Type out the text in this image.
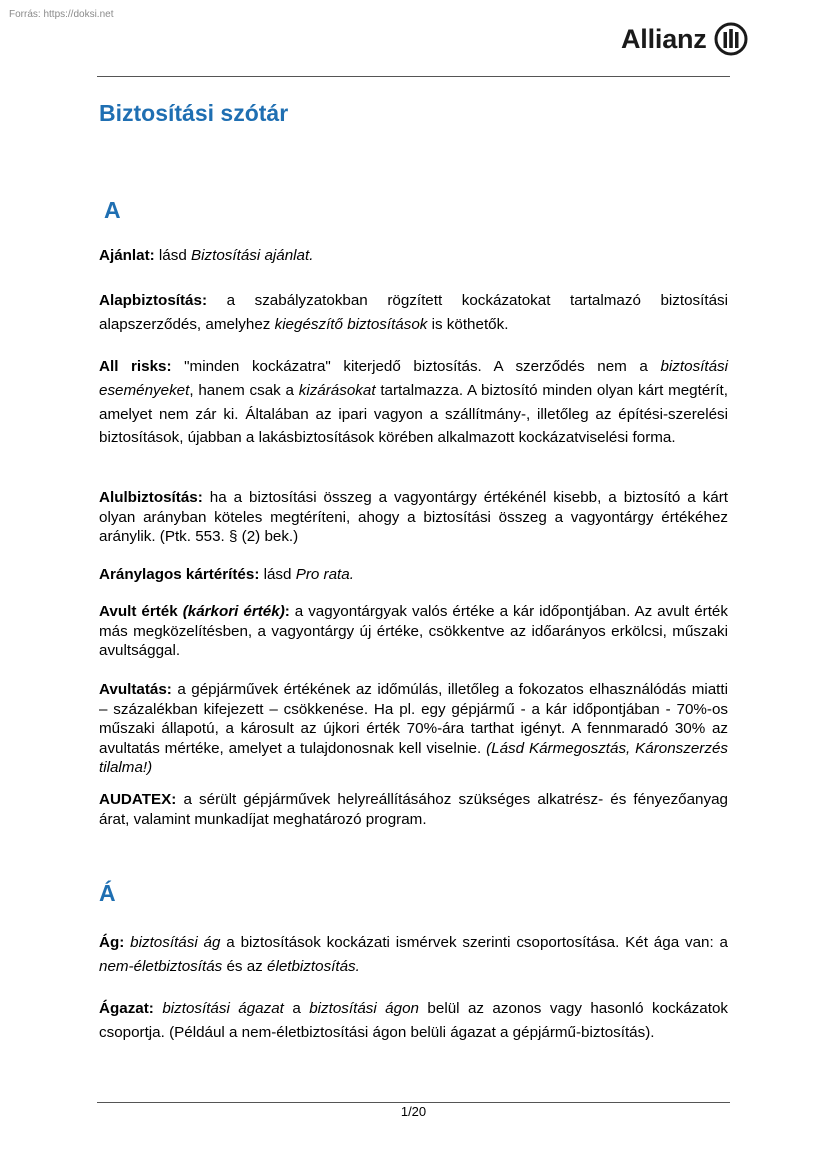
Forrás: https://doksi.net
Allianz
Biztosítási szótár
A

Ajánlat: lásd Biztosítási ajánlat.

Alapbiztosítás: a szabályzatokban rögzített kockázatokat tartalmazó biztosítási alapszerződés, amelyhez kiegészítő biztosítások is köthetők.

All risks: "minden kockázatra" kiterjedő biztosítás. A szerződés nem a biztosítási eseményeket, hanem csak a kizárásokat tartalmazza. A biztosító minden olyan kárt megtérít, amelyet nem zár ki. Általában az ipari vagyon a szállítmány-, illetőleg az építési-szerelési biztosítások, újabban a lakásbiztosítások körében alkalmazott kockázatviselési forma.

Alulbiztosítás: ha a biztosítási összeg a vagyontárgy értékénél kisebb, a biztosító a kárt olyan arányban köteles megtéríteni, ahogy a biztosítási összeg a vagyontárgy értékéhez aránylik. (Ptk. 553. § (2) bek.)

Aránylagos kártérítés: lásd Pro rata.

Avult érték (kárkori érték): a vagyontárgyak valós értéke a kár időpontjában. Az avult érték más megközelítésben, a vagyontárgy új értéke, csökkentve az időarányos erkölcsi, műszaki avultsággal.

Avultatás: a gépjárművek értékének az időmúlás, illetőleg a fokozatos elhasználódás miatti – százalékban kifejezett – csökkenése. Ha pl. egy gépjármű - a kár időpontjában - 70%-os műszaki állapotú, a károsult az újkori érték 70%-ára tarthat igényt. A fennmaradó 30% az avultatás mértéke, amelyet a tulajdonosnak kell viselnie. (Lásd Kármegosztás, Káronszerzés tilalma!)

AUDATEX: a sérült gépjárművek helyreállításához szükséges alkatrész- és fényezőanyag árat, valamint munkadíjat meghatározó program.

Á

Ág: biztosítási ág a biztosítások kockázati ismérvek szerinti csoportosítása. Két ága van: a nem-életbiztosítás és az életbiztosítás.

Ágazat: biztosítási ágazat a biztosítási ágon belül az azonos vagy hasonló kockázatok csoportja. (Például a nem-életbiztosítási ágon belüli ágazat a gépjármű-biztosítás).

1/20
